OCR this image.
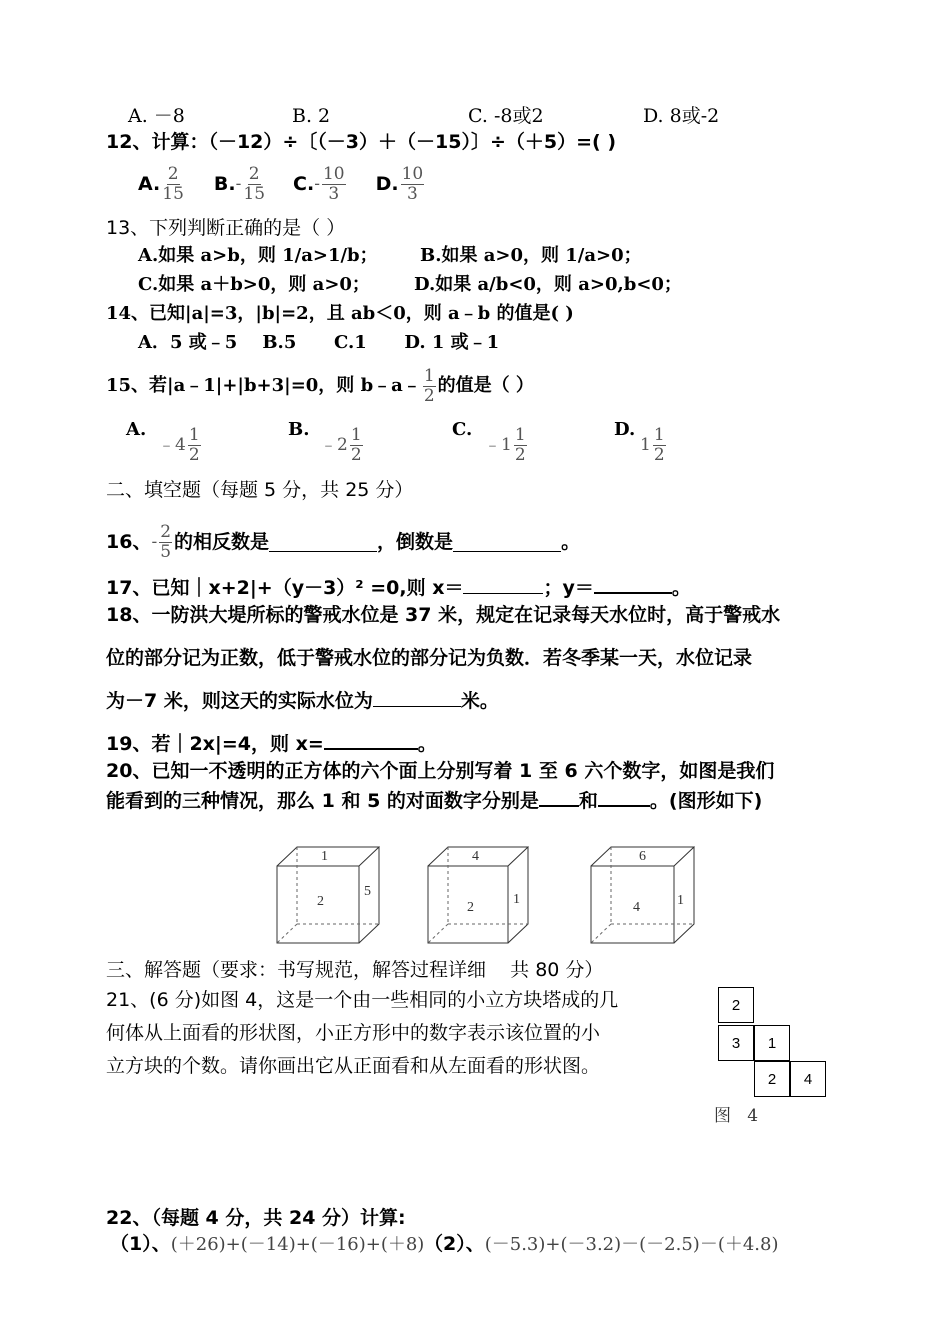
A. －8	B. 2	C. -8或2	D. 8或-2
12、计算：（－12）÷〔（－3）＋（－15）〕÷（＋5）=( )
A. $\frac{2}{15} B$. - $\frac{2}{15} C$. - $\frac{10}{3} D$. $\frac{10}{3}$
13、下列判断正确的是（ ）
A.如果 a>b，则 1/a>1/b； B.如果 a>0，则 1/a>0；
C.如果 a＋b>0，则 a>0； D.如果 a/b<0，则 a>0,b<0；
14、已知|a|=3，|b|=2，且 ab＜0，则 a﹣b 的值是( )
A．5 或﹣5    B.5      C.1      D. 1 或﹣1
15、若|a﹣1|+|b+3|=0，则 b﹣a﹣ $\frac{1}{2}$ 的值是（ ）
A.
﹣4 $\frac{1}{2}$	B.
﹣2 $\frac{1}{2}$	C.
﹣1 $\frac{1}{2}$	D.
$1 \frac{1}{2}$
二、填空题（每题 5 分，共 25 分）
16、 - $\frac{2}{5}$ 的相反数是	，倒数是	。
17、已知｜x+2|+（y－3）² =0,则 x＝	；y＝	。
18、一防洪大堤所标的警戒水位是 37 米，规定在记录每天水位时，高于警戒水
位的部分记为正数，低于警戒水位的部分记为负数．若冬季某一天，水位记录
为－7 米，则这天的实际水位为	米。
19、若｜2x|=4，则 x=	。
20、已知一不透明的正方体的六个面上分别写着 1 至 6 六个数字，如图是我们
能看到的三种情况，那么 1 和 5 的对面数字分别是 和	。(图形如下)
1
2
5
4
2
1
6
4	1
三、解答题（要求：书写规范，解答过程详细    共 80 分）
21、(6 分)如图 4，这是一个由一些相同的小立方块塔成的几
何体从上面看的形状图，小正方形中的数字表示该位置的小
立方块的个数。请你画出它从正面看和从左面看的形状图。
2
3	1
2	4
图   4
22、（每题 4 分，共 24 分）计算:
（1）、(＋26)+(－14)+(－16)+(＋8) （2）、(－5.3)+(－3.2)－(－2.5)－(＋4.8)
